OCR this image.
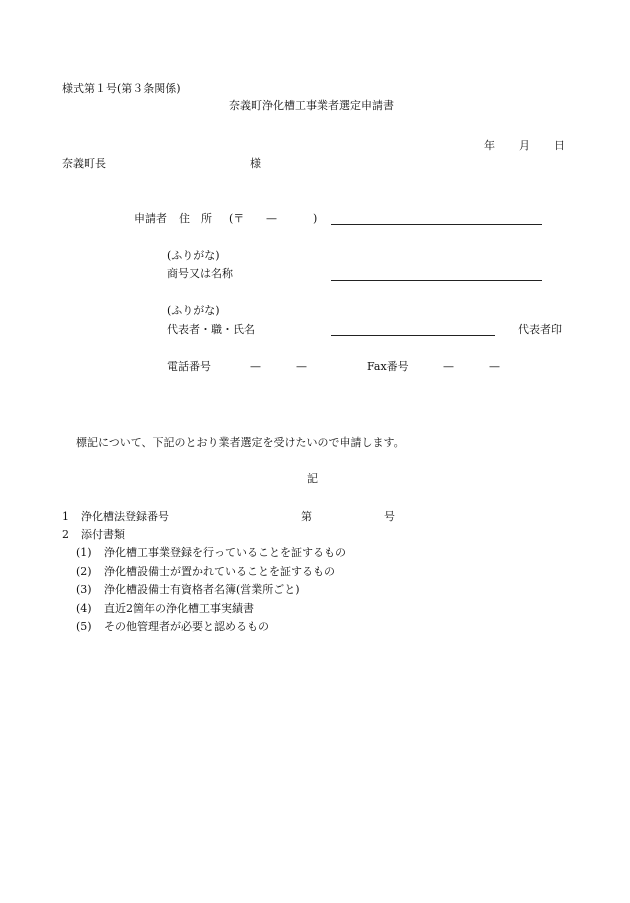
様式第１号(第３条関係)
奈義町浄化槽工事業者選定申請書
年 月 日
奈義町長	様
申請者 住　所 (〒 —	)
(ふりがな)
商号又は名称
(ふりがな)
代表者・職・氏名	代表者印
電話番号	—	—	Fax番号	—	—
標記について、下記のとおり業者選定を受けたいので申請します。
記
1 浄化槽法登録番号	第	号
2 添付書類
(1) 浄化槽工事業登録を行っていることを証するもの
(2) 浄化槽設備士が置かれていることを証するもの
(3) 浄化槽設備士有資格者名簿(営業所ごと)
(4) 直近2箇年の浄化槽工事実績書
(5) その他管理者が必要と認めるもの
